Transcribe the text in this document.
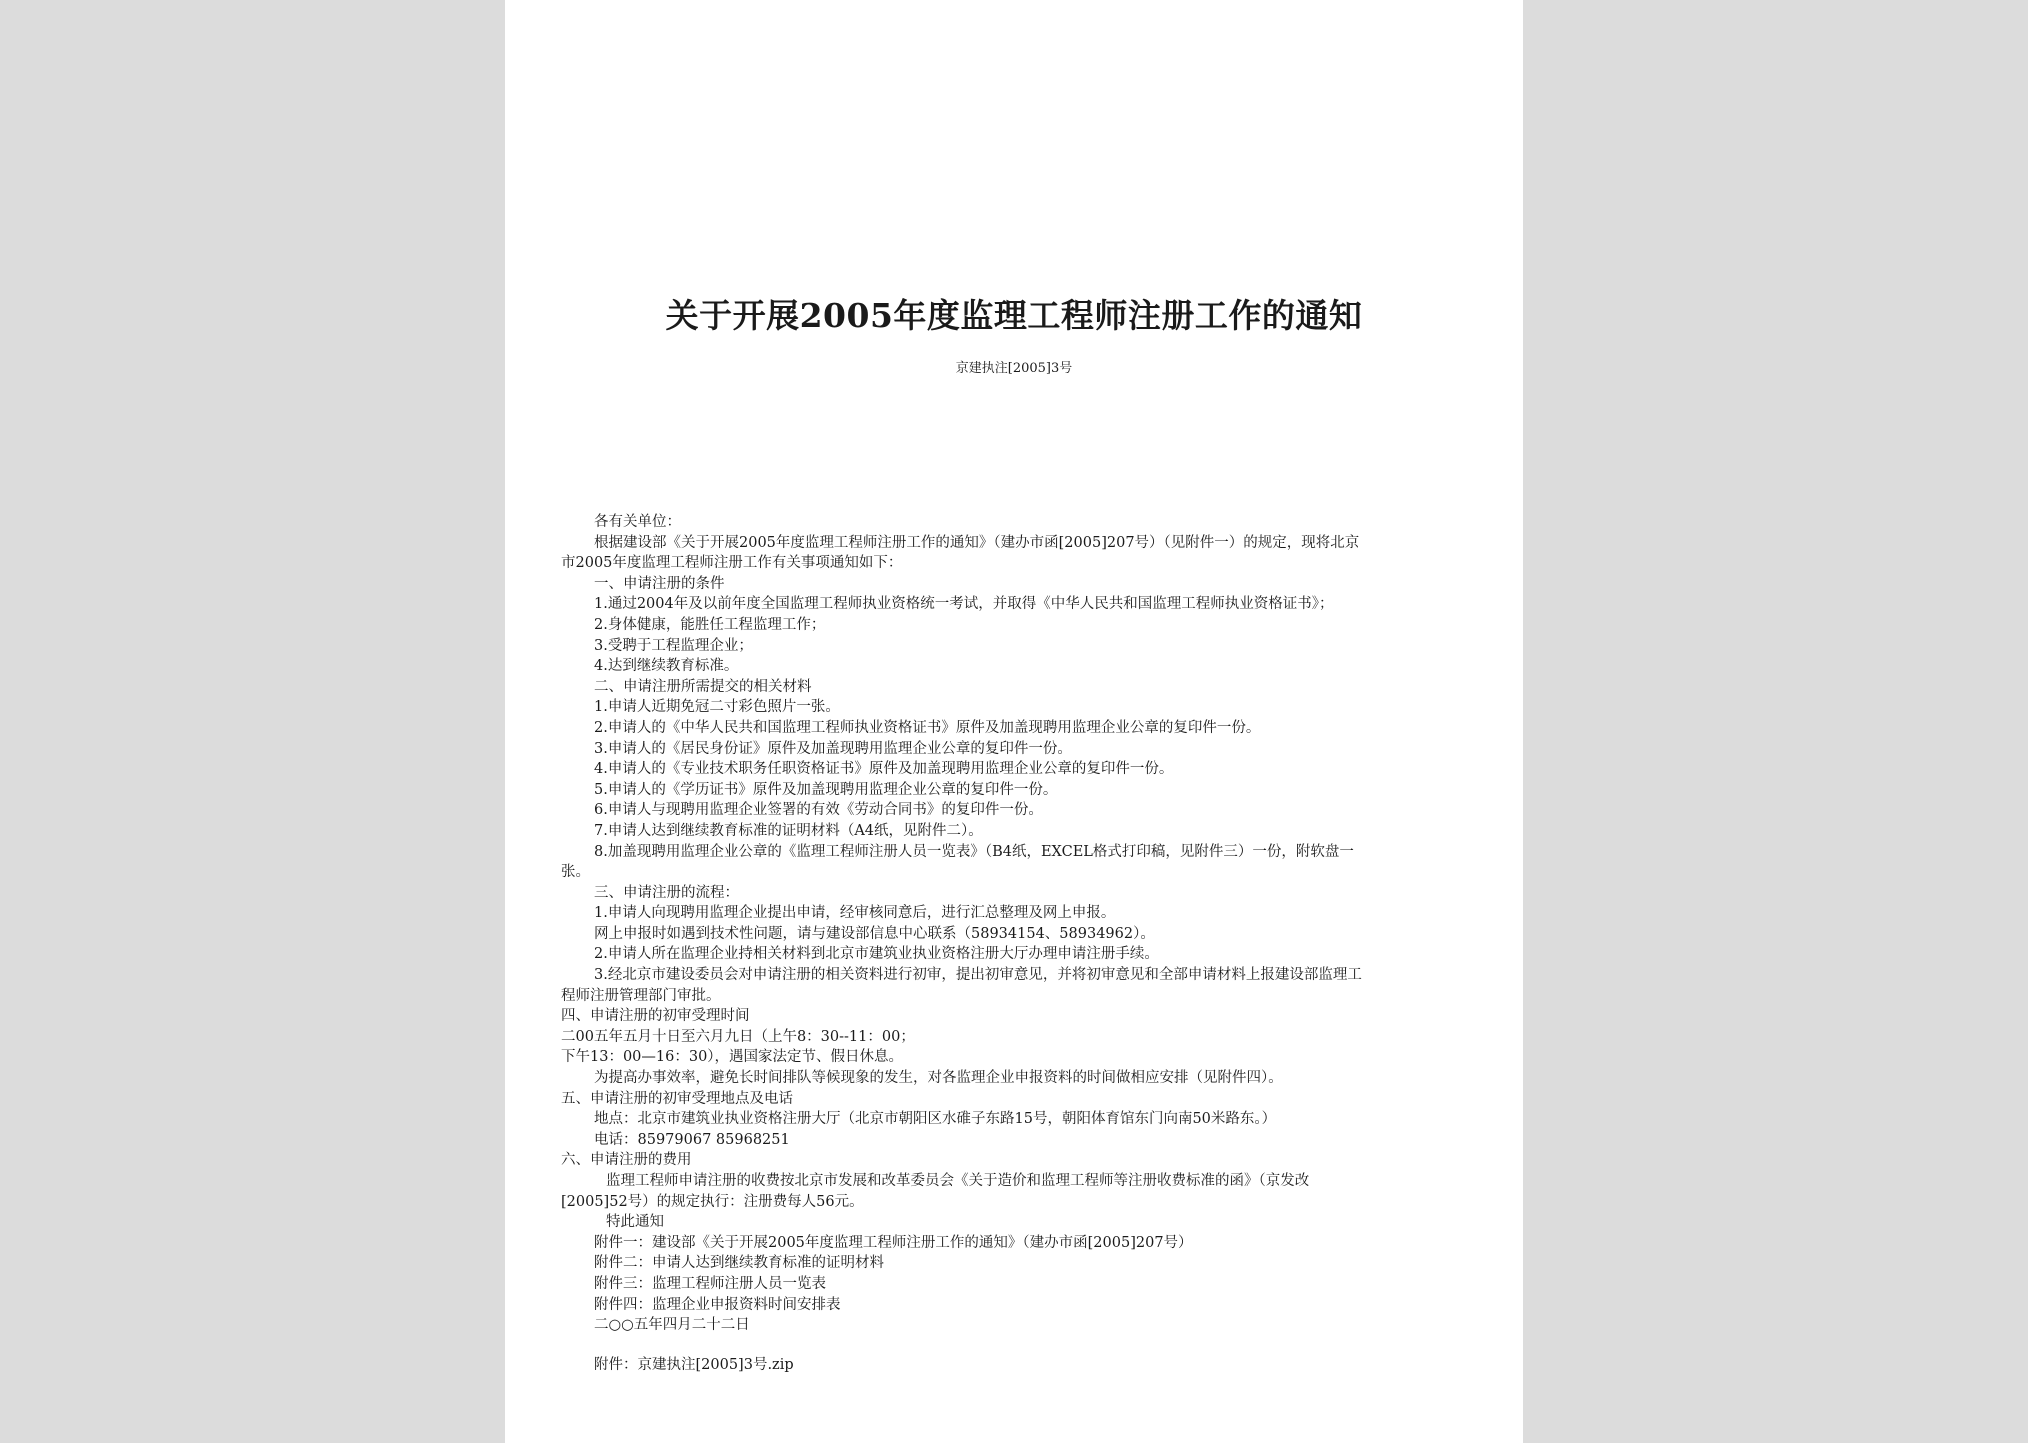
关于开展2005年度监理工程师注册工作的通知
京建执注[2005]3号
各有关单位：
根据建设部《关于开展2005年度监理工程师注册工作的通知》（建办市函[2005]207号）（见附件一）的规定，现将北京
市2005年度监理工程师注册工作有关事项通知如下：
一、申请注册的条件
1.通过2004年及以前年度全国监理工程师执业资格统一考试，并取得《中华人民共和国监理工程师执业资格证书》；
2.身体健康，能胜任工程监理工作；
3.受聘于工程监理企业；
4.达到继续教育标准。
二、申请注册所需提交的相关材料
1.申请人近期免冠二寸彩色照片一张。
2.申请人的《中华人民共和国监理工程师执业资格证书》原件及加盖现聘用监理企业公章的复印件一份。
3.申请人的《居民身份证》原件及加盖现聘用监理企业公章的复印件一份。
4.申请人的《专业技术职务任职资格证书》原件及加盖现聘用监理企业公章的复印件一份。
5.申请人的《学历证书》原件及加盖现聘用监理企业公章的复印件一份。
6.申请人与现聘用监理企业签署的有效《劳动合同书》的复印件一份。
7.申请人达到继续教育标准的证明材料（A4纸，见附件二）。
8.加盖现聘用监理企业公章的《监理工程师注册人员一览表》（B4纸，EXCEL格式打印稿，见附件三）一份，附软盘一
张。
三、申请注册的流程：
1.申请人向现聘用监理企业提出申请，经审核同意后，进行汇总整理及网上申报。
网上申报时如遇到技术性问题，请与建设部信息中心联系（58934154、58934962）。
2.申请人所在监理企业持相关材料到北京市建筑业执业资格注册大厅办理申请注册手续。
3.经北京市建设委员会对申请注册的相关资料进行初审，提出初审意见，并将初审意见和全部申请材料上报建设部监理工
程师注册管理部门审批。
四、申请注册的初审受理时间
二00五年五月十日至六月九日（上午8：30--11：00；
下午13：00—16：30），遇国家法定节、假日休息。
为提高办事效率，避免长时间排队等候现象的发生，对各监理企业申报资料的时间做相应安排（见附件四）。
五、申请注册的初审受理地点及电话
地点：北京市建筑业执业资格注册大厅（北京市朝阳区水碓子东路15号，朝阳体育馆东门向南50米路东。）
电话：85979067 85968251
六、申请注册的费用
监理工程师申请注册的收费按北京市发展和改革委员会《关于造价和监理工程师等注册收费标准的函》（京发改
[2005]52号）的规定执行：注册费每人56元。
特此通知
附件一：建设部《关于开展2005年度监理工程师注册工作的通知》（建办市函[2005]207号）
附件二：申请人达到继续教育标准的证明材料
附件三：监理工程师注册人员一览表
附件四：监理企业申报资料时间安排表
二○○五年四月二十二日
附件：京建执注[2005]3号.zip
